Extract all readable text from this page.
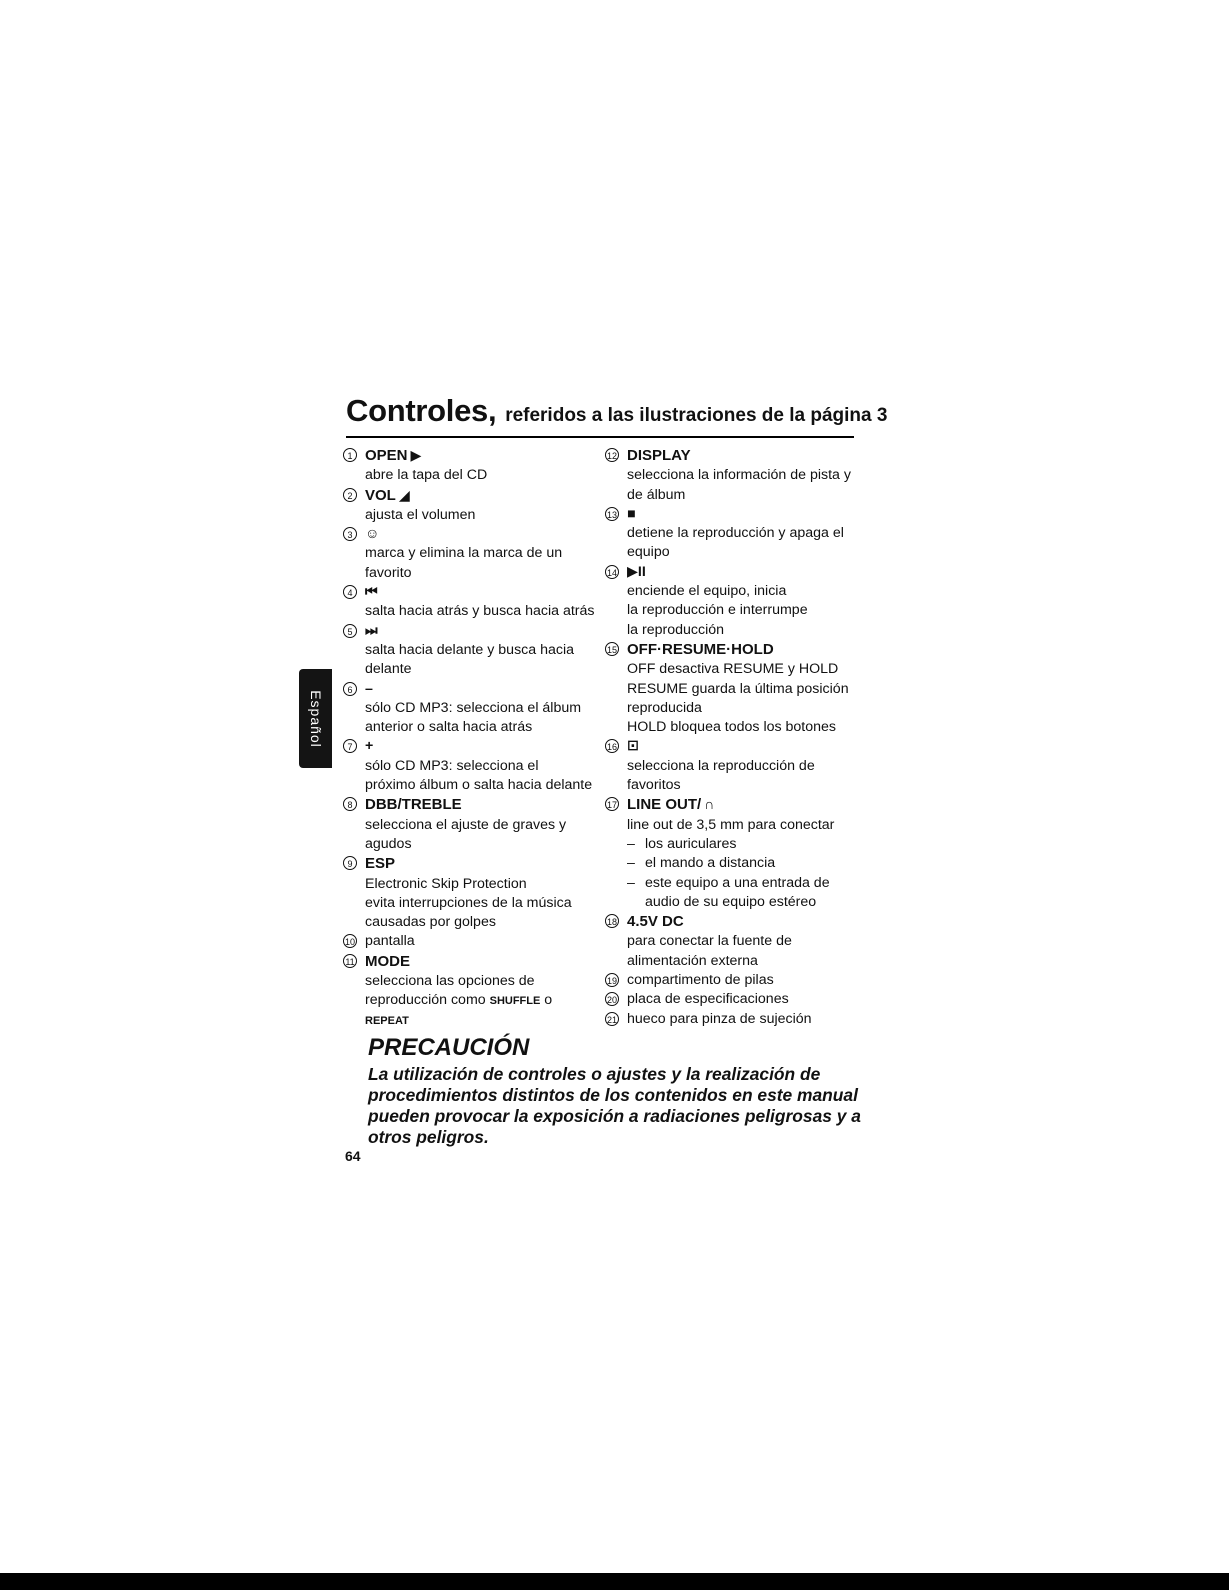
Controles, referidos a las ilustraciones de la página 3
Español
1 OPEN ▶
abre la tapa del CD
2 VOL ◢
ajusta el volumen
3 ☺
marca y elimina la marca de un
favorito
4 ⏮
salta hacia atrás y busca hacia atrás
5 ⏭
salta hacia delante y busca hacia
delante
6 –
sólo CD MP3: selecciona el álbum
anterior o salta hacia atrás
7 +
sólo CD MP3: selecciona el
próximo álbum o salta hacia delante
8 DBB/TREBLE
selecciona el ajuste de graves y
agudos
9 ESP
Electronic Skip Protection
evita interrupciones de la música
causadas por golpes
10 pantalla
11 MODE
selecciona las opciones de
reproducción como SHUFFLE o
REPEAT
12 DISPLAY
selecciona la información de pista y
de álbum
13 ■
detiene la reproducción y apaga el
equipo
14 ▶II
enciende el equipo, inicia
la reproducción e interrumpe
la reproducción
15 OFF·RESUME·HOLD
OFF desactiva RESUME y HOLD
RESUME guarda la última posición
reproducida
HOLD bloquea todos los botones
16 ⊡
selecciona la reproducción de
favoritos
17 LINE OUT/ ∩
line out de 3,5 mm para conectar
– los auriculares
– el mando a distancia
– este equipo a una entrada de audio de su equipo estéreo
18 4.5V DC
para conectar la fuente de
alimentación externa
19 compartimento de pilas
20 placa de especificaciones
21 hueco para pinza de sujeción

PRECAUCIÓN

La utilización de controles o ajustes y la realización de procedimientos distintos de los contenidos en este manual pueden provocar la exposición a radiaciones peligrosas y a otros peligros.

64
